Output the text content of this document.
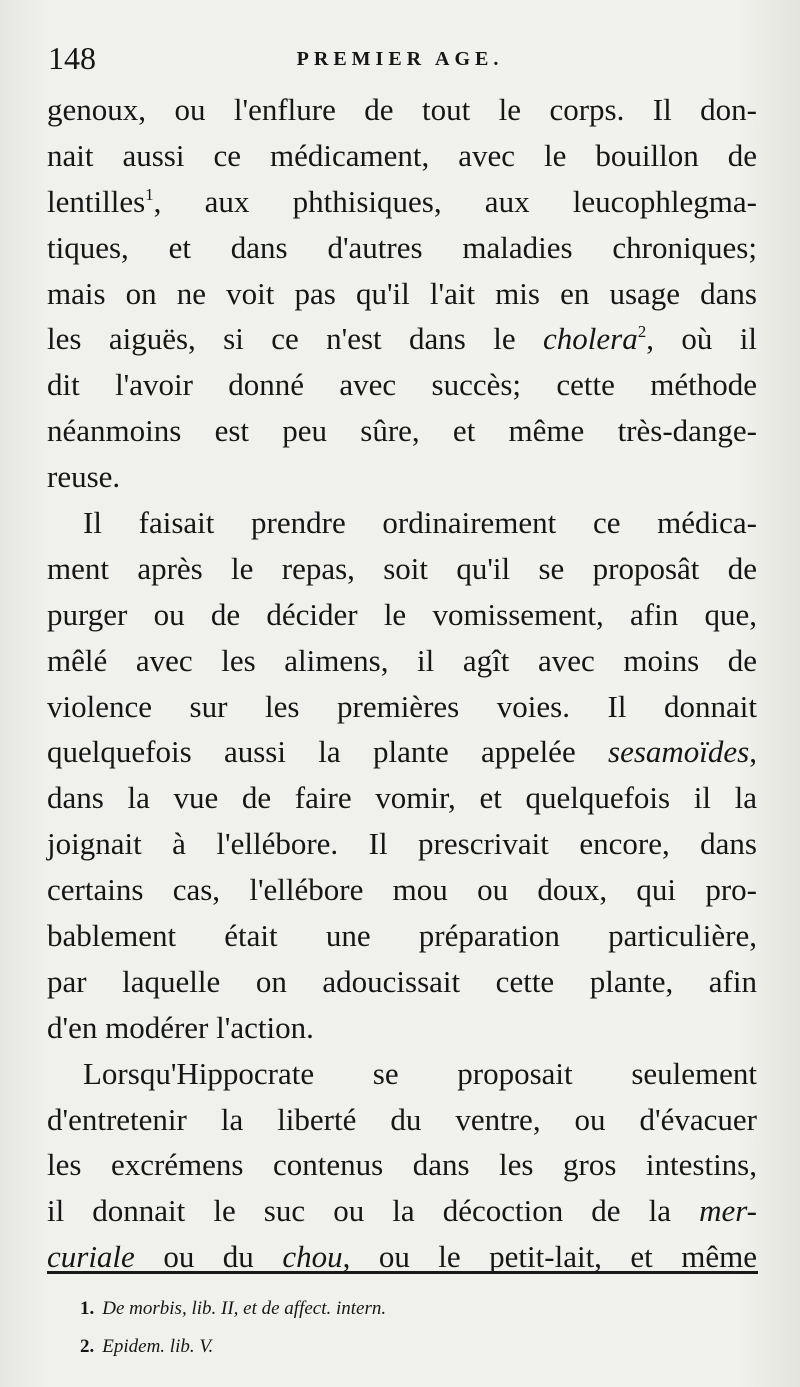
148	PREMIER AGE.
genoux, ou l'enflure de tout le corps. Il don-
nait aussi ce médicament, avec le bouillon de
lentilles$^1$, aux phthisiques, aux leucophlegma-
tiques, et dans d'autres maladies chroniques;
mais on ne voit pas qu'il l'ait mis en usage dans
les aiguës, si ce n'est dans le cholera$^2$, où il
dit l'avoir donné avec succès; cette méthode
néanmoins est peu sûre, et même très-dange-
reuse.
Il faisait prendre ordinairement ce médica-
ment après le repas, soit qu'il se proposât de
purger ou de décider le vomissement, afin que,
mêlé avec les alimens, il agît avec moins de
violence sur les premières voies. Il donnait
quelquefois aussi la plante appelée sesamoïdes,
dans la vue de faire vomir, et quelquefois il la
joignait à l'ellébore. Il prescrivait encore, dans
certains cas, l'ellébore mou ou doux, qui pro-
bablement était une préparation particulière,
par laquelle on adoucissait cette plante, afin
d'en modérer l'action.
Lorsqu'Hippocrate se proposait seulement
d'entretenir la liberté du ventre, ou d'évacuer
les excrémens contenus dans les gros intestins,
il donnait le suc ou la décoction de la mer-
curiale ou du chou, ou le petit-lait, et même
1. De morbis, lib. II, et de affect. intern.
2. Epidem. lib. V.
